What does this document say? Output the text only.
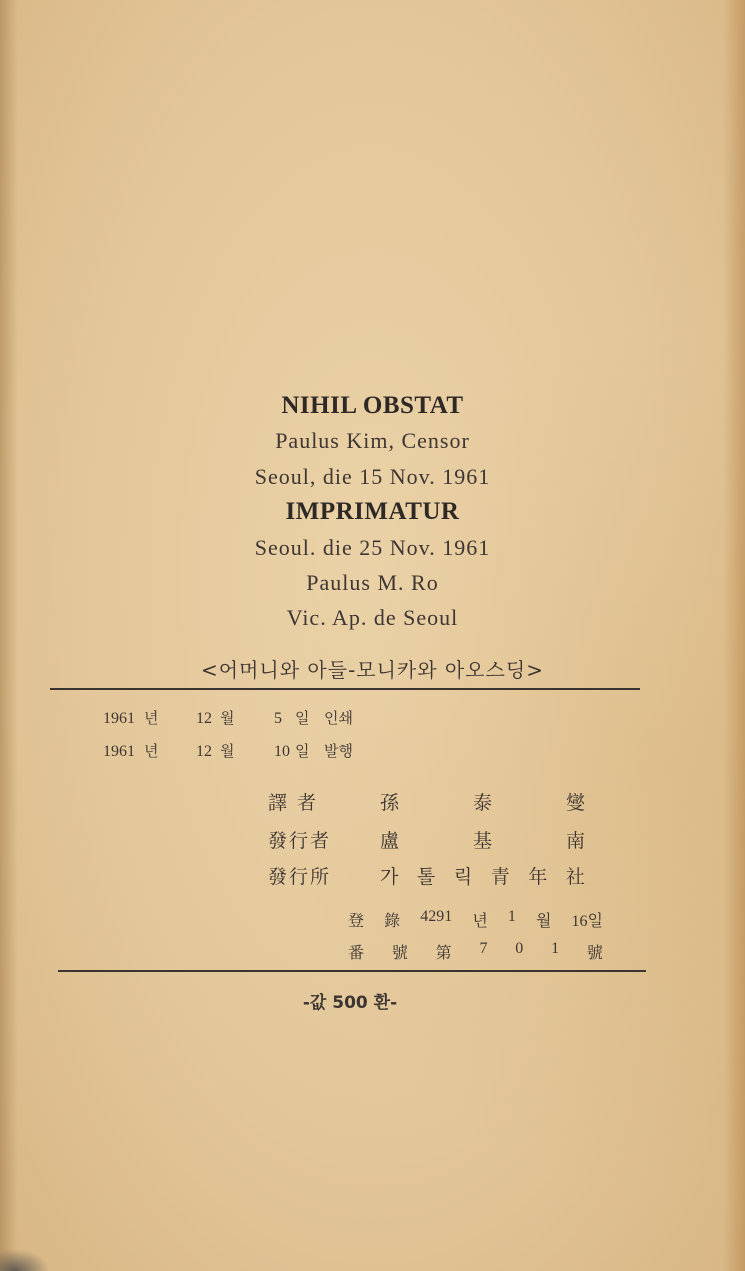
NIHIL OBSTAT
Paulus Kim, Censor
Seoul, die 15 Nov. 1961
IMPRIMATUR
Seoul. die 25 Nov. 1961
Paulus M. Ro
Vic. Ap. de Seoul
<어머니와 아들-모니카와 아오스딩>
1961 년 12 월 5 일 인쇄
1961 년 12 월 10 일 발행
譯 者	孫	泰	燮
發行者	盧	基	南
發行所	가 톨 릭 青 年 社
登 錄 4291 년 1 월 16일
番 號 第 7 0 1 號
-값 500 환-
